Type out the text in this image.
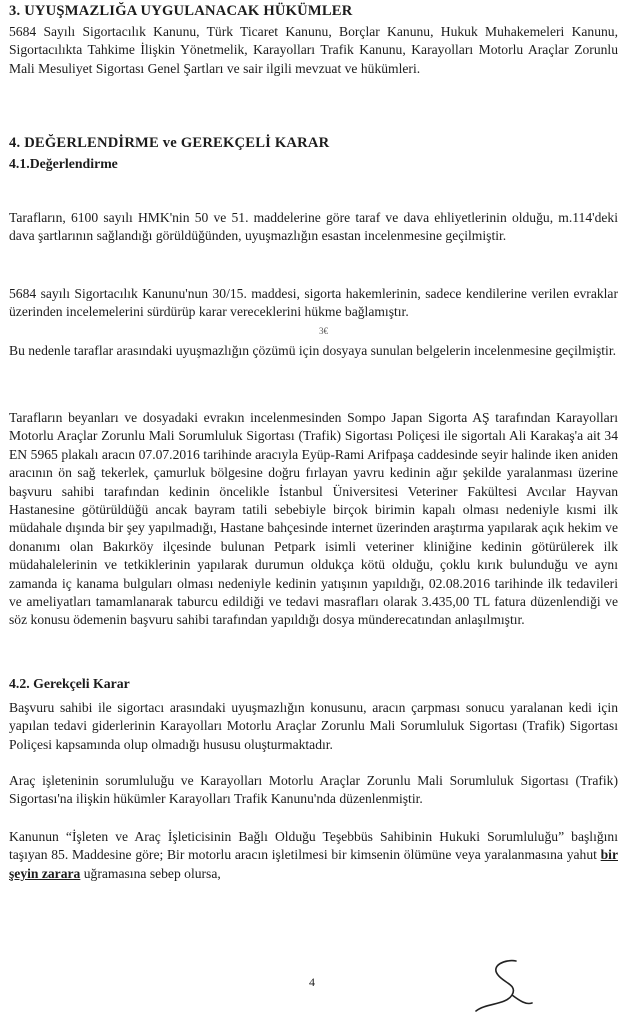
3. UYUŞMAZLIĞA UYGULANACAK HÜKÜMLER

5684 Sayılı Sigortacılık Kanunu, Türk Ticaret Kanunu, Borçlar Kanunu, Hukuk Muhakemeleri Kanunu, Sigortacılıkta Tahkime İlişkin Yönetmelik, Karayolları Trafik Kanunu, Karayolları Motorlu Araçlar Zorunlu Mali Mesuliyet Sigortası Genel Şartları ve sair ilgili mevzuat ve hükümleri.

4. DEĞERLENDİRME ve GEREKÇELİ KARAR
4.1.Değerlendirme

Tarafların, 6100 sayılı HMK'nin 50 ve 51. maddelerine göre taraf ve dava ehliyetlerinin olduğu, m.114'deki dava şartlarının sağlandığı görüldüğünden, uyuşmazlığın esastan incelenmesine geçilmiştir.

5684 sayılı Sigortacılık Kanunu'nun 30/15. maddesi, sigorta hakemlerinin, sadece kendilerine verilen evraklar üzerinden incelemelerini sürdürüp karar vereceklerini hükme bağlamıştır.

3€

Bu nedenle taraflar arasındaki uyuşmazlığın çözümü için dosyaya sunulan belgelerin incelenmesine geçilmiştir.

Tarafların beyanları ve dosyadaki evrakın incelenmesinden Sompo Japan Sigorta AŞ tarafından Karayolları Motorlu Araçlar Zorunlu Mali Sorumluluk Sigortası (Trafik) Sigortası Poliçesi ile sigortalı Ali Karakaş'a ait 34 EN 5965 plakalı aracın 07.07.2016 tarihinde aracıyla Eyüp-Rami Arifpaşa caddesinde seyir halinde iken aniden aracının ön sağ tekerlek, çamurluk bölgesine doğru fırlayan yavru kedinin ağır şekilde yaralanması üzerine başvuru sahibi tarafından kedinin öncelikle İstanbul Üniversitesi Veteriner Fakültesi Avcılar Hayvan Hastanesine götürüldüğü ancak bayram tatili sebebiyle birçok birimin kapalı olması nedeniyle kısmi ilk müdahale dışında bir şey yapılmadığı, Hastane bahçesinde internet üzerinden araştırma yapılarak açık hekim ve donanımı olan Bakırköy ilçesinde bulunan Petpark isimli veteriner kliniğine kedinin götürülerek ilk müdahalelerinin ve tetkiklerinin yapılarak durumun oldukça kötü olduğu, çoklu kırık bulunduğu ve aynı zamanda iç kanama bulguları olması nedeniyle kedinin yatışının yapıldığı, 02.08.2016 tarihinde ilk tedavileri ve ameliyatları tamamlanarak taburcu edildiği ve tedavi masrafları olarak 3.435,00 TL fatura düzenlendiği ve söz konusu ödemenin başvuru sahibi tarafından yapıldığı dosya münderecatından anlaşılmıştır.

4.2. Gerekçeli Karar

Başvuru sahibi ile sigortacı arasındaki uyuşmazlığın konusunu, aracın çarpması sonucu yaralanan kedi için yapılan tedavi giderlerinin Karayolları Motorlu Araçlar Zorunlu Mali Sorumluluk Sigortası (Trafik) Sigortası Poliçesi kapsamında olup olmadığı hususu oluşturmaktadır.

Araç işleteninin sorumluluğu ve Karayolları Motorlu Araçlar Zorunlu Mali Sorumluluk Sigortası (Trafik) Sigortası'na ilişkin hükümler Karayolları Trafik Kanunu'nda düzenlenmiştir.

Kanunun “İşleten ve Araç İşleticisinin Bağlı Olduğu Teşebbüs Sahibinin Hukuki Sorumluluğu” başlığını taşıyan 85. Maddesine göre; Bir motorlu aracın işletilmesi bir kimsenin ölümüne veya yaralanmasına yahut bir şeyin zarara uğramasına sebep olursa,

4
